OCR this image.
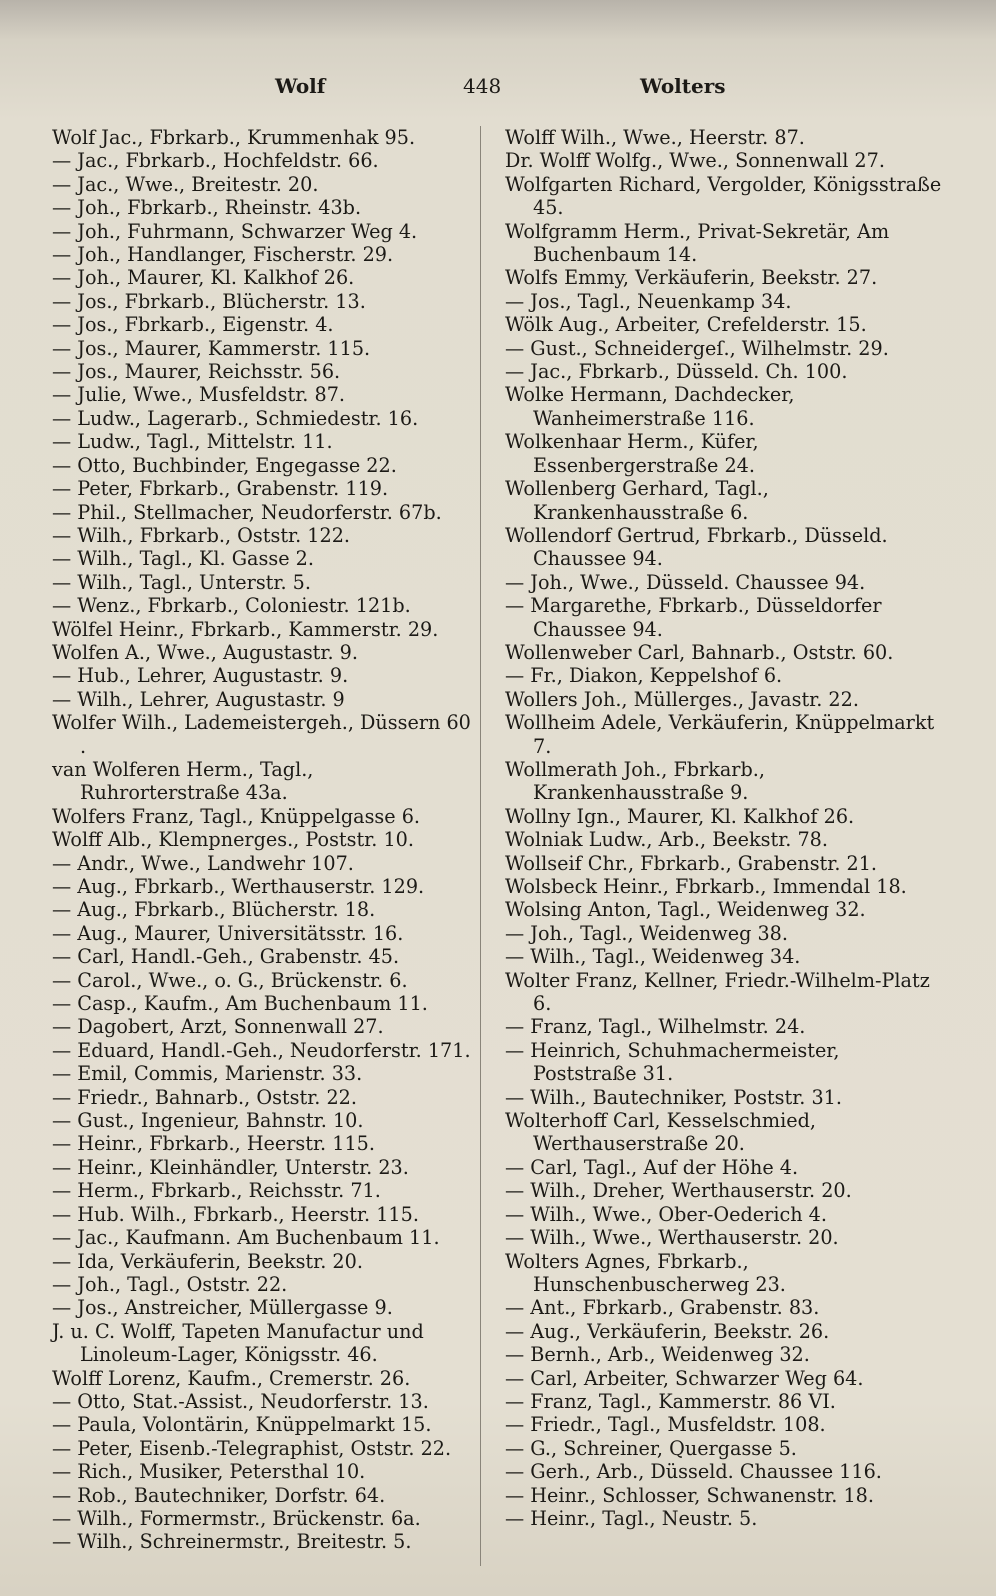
Wolf	448	Wolters
Wolf Jac., Fbrkarb., Krummenhak 95.
— Jac., Fbrkarb., Hochfeldstr. 66.
— Jac., Wwe., Breitestr. 20.
— Joh., Fbrkarb., Rheinstr. 43b.
— Joh., Fuhrmann, Schwarzer Weg 4.
— Joh., Handlanger, Fischerstr. 29.
— Joh., Maurer, Kl. Kalkhof 26.
— Jos., Fbrkarb., Blücherstr. 13.
— Jos., Fbrkarb., Eigenstr. 4.
— Jos., Maurer, Kammerstr. 115.
— Jos., Maurer, Reichsstr. 56.
— Julie, Wwe., Musfeldstr. 87.
— Ludw., Lagerarb., Schmiedestr. 16.
— Ludw., Tagl., Mittelstr. 11.
— Otto, Buchbinder, Engegasse 22.
— Peter, Fbrkarb., Grabenstr. 119.
— Phil., Stellmacher, Neudorferstr. 67b.
— Wilh., Fbrkarb., Oststr. 122.
— Wilh., Tagl., Kl. Gasse 2.
— Wilh., Tagl., Unterstr. 5.
— Wenz., Fbrkarb., Coloniestr. 121b.
Wölfel Heinr., Fbrkarb., Kammerstr. 29.
Wolfen A., Wwe., Augustastr. 9.
— Hub., Lehrer, Augustastr. 9.
— Wilh., Lehrer, Augustastr. 9
Wolfer Wilh., Lademeistergeh., Düssern 60 .
van Wolferen Herm., Tagl., Ruhrorterstraße 43a.
Wolfers Franz, Tagl., Knüppelgasse 6.
Wolff Alb., Klempnerges., Poststr. 10.
— Andr., Wwe., Landwehr 107.
— Aug., Fbrkarb., Werthauserstr. 129.
— Aug., Fbrkarb., Blücherstr. 18.
— Aug., Maurer, Universitätsstr. 16.
— Carl, Handl.-Geh., Grabenstr. 45.
— Carol., Wwe., o. G., Brückenstr. 6.
— Casp., Kaufm., Am Buchenbaum 11.
— Dagobert, Arzt, Sonnenwall 27.
— Eduard, Handl.-Geh., Neudorferstr. 171.
— Emil, Commis, Marienstr. 33.
— Friedr., Bahnarb., Oststr. 22.
— Gust., Ingenieur, Bahnstr. 10.
— Heinr., Fbrkarb., Heerstr. 115.
— Heinr., Kleinhändler, Unterstr. 23.
— Herm., Fbrkarb., Reichsstr. 71.
— Hub. Wilh., Fbrkarb., Heerstr. 115.
— Jac., Kaufmann. Am Buchenbaum 11.
— Ida, Verkäuferin, Beekstr. 20.
— Joh., Tagl., Oststr. 22.
— Jos., Anstreicher, Müllergasse 9.
J. u. C. Wolff, Tapeten Manufactur und Linoleum-Lager, Königsstr. 46.
Wolff Lorenz, Kaufm., Cremerstr. 26.
— Otto, Stat.-Assist., Neudorferstr. 13.
— Paula, Volontärin, Knüppelmarkt 15.
— Peter, Eisenb.-Telegraphist, Oststr. 22.
— Rich., Musiker, Petersthal 10.
— Rob., Bautechniker, Dorfstr. 64.
— Wilh., Formermstr., Brückenstr. 6a.
— Wilh., Schreinermstr., Breitestr. 5.
Wolff Wilh., Wwe., Heerstr. 87.
Dr. Wolff Wolfg., Wwe., Sonnenwall 27.
Wolfgarten Richard, Vergolder, Königsstraße 45.
Wolfgramm Herm., Privat-Sekretär, Am Buchenbaum 14.
Wolfs Emmy, Verkäuferin, Beekstr. 27.
— Jos., Tagl., Neuenkamp 34.
Wölk Aug., Arbeiter, Crefelderstr. 15.
— Gust., Schneidergeſ., Wilhelmstr. 29.
— Jac., Fbrkarb., Düsseld. Ch. 100.
Wolke Hermann, Dachdecker, Wanheimerstraße 116.
Wolkenhaar Herm., Küfer, Essenbergerstraße 24.
Wollenberg Gerhard, Tagl., Krankenhausstraße 6.
Wollendorf Gertrud, Fbrkarb., Düsseld. Chaussee 94.
— Joh., Wwe., Düsseld. Chaussee 94.
— Margarethe, Fbrkarb., Düsseldorfer Chaussee 94.
Wollenweber Carl, Bahnarb., Oststr. 60.
— Fr., Diakon, Keppelshof 6.
Wollers Joh., Müllerges., Javastr. 22.
Wollheim Adele, Verkäuferin, Knüppelmarkt 7.
Wollmerath Joh., Fbrkarb., Krankenhausstraße 9.
Wollny Ign., Maurer, Kl. Kalkhof 26.
Wolniak Ludw., Arb., Beekstr. 78.
Wollseif Chr., Fbrkarb., Grabenstr. 21.
Wolsbeck Heinr., Fbrkarb., Immendal 18.
Wolsing Anton, Tagl., Weidenweg 32.
— Joh., Tagl., Weidenweg 38.
— Wilh., Tagl., Weidenweg 34.
Wolter Franz, Kellner, Friedr.-Wilhelm-Platz 6.
— Franz, Tagl., Wilhelmstr. 24.
— Heinrich, Schuhmachermeister, Poststraße 31.
— Wilh., Bautechniker, Poststr. 31.
Wolterhoff Carl, Kesselschmied, Werthauserstraße 20.
— Carl, Tagl., Auf der Höhe 4.
— Wilh., Dreher, Werthauserstr. 20.
— Wilh., Wwe., Ober-Oederich 4.
— Wilh., Wwe., Werthauserstr. 20.
Wolters Agnes, Fbrkarb., Hunschenbuscherweg 23.
— Ant., Fbrkarb., Grabenstr. 83.
— Aug., Verkäuferin, Beekstr. 26.
— Bernh., Arb., Weidenweg 32.
— Carl, Arbeiter, Schwarzer Weg 64.
— Franz, Tagl., Kammerstr. 86 VI.
— Friedr., Tagl., Musfeldstr. 108.
— G., Schreiner, Quergasse 5.
— Gerh., Arb., Düsseld. Chaussee 116.
— Heinr., Schlosser, Schwanenstr. 18.
— Heinr., Tagl., Neustr. 5.
